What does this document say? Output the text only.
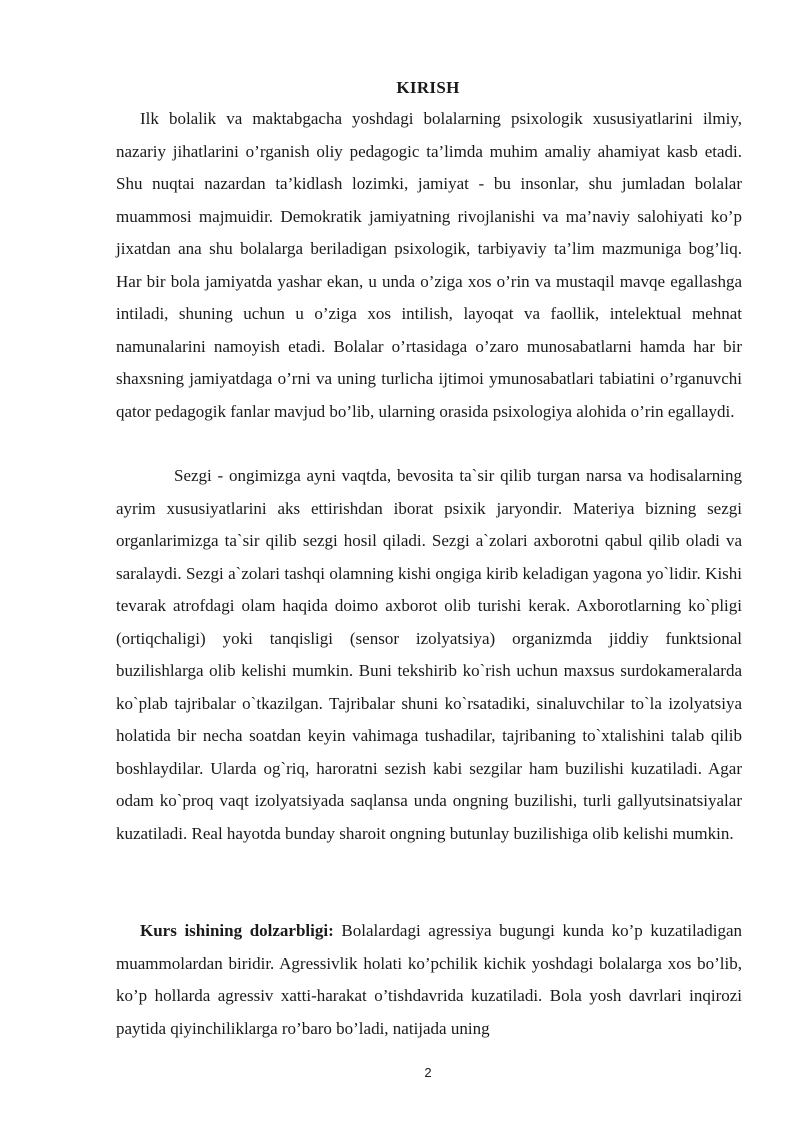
KIRISH

Ilk bolalik va maktabgacha yoshdagi bolalarning psixologik xususiyatlarini ilmiy, nazariy jihatlarini o’rganish oliy pedagogic ta’limda muhim amaliy ahamiyat kasb etadi. Shu nuqtai nazardan ta’kidlash lozimki, jamiyat - bu insonlar, shu jumladan bolalar muammosi majmuidir. Demokratik jamiyatning rivojlanishi va ma’naviy salohiyati ko’p jixatdan ana shu bolalarga beriladigan psixologik, tarbiyaviy ta’lim mazmuniga bog’liq. Har bir bola jamiyatda yashar ekan, u unda o’ziga xos o’rin va mustaqil mavqe egallashga intiladi, shuning uchun u o’ziga xos intilish, layoqat va faollik, intelektual mehnat namunalarini namoyish etadi. Bolalar o’rtasidaga o’zaro munosabatlarni hamda har bir shaxsning jamiyatdaga o’rni va uning turlicha ijtimoi ymunosabatlari tabiatini o’rganuvchi qator pedagogik fanlar mavjud bo’lib, ularning orasida psixologiya alohida o’rin egallaydi.

Sezgi - ongimizga ayni vaqtda, bevosita ta`sir qilib turgan narsa va hodisalarning ayrim xususiyatlarini aks ettirishdan iborat psixik jaryondir. Materiya bizning sezgi organlarimizga ta`sir qilib sezgi hosil qiladi. Sezgi a`zolari axborotni qabul qilib oladi va saralaydi. Sezgi a`zolari tashqi olamning kishi ongiga kirib keladigan yagona yo`lidir. Kishi tevarak atrofdagi olam haqida doimo axborot olib turishi kerak. Axborotlarning ko`pligi (ortiqchaligi) yoki tanqisligi (sensor izolyatsiya) organizmda jiddiy funktsional buzilishlarga olib kelishi mumkin. Buni tekshirib ko`rish uchun maxsus surdokameralarda ko`plab tajribalar o`tkazilgan. Tajribalar shuni ko`rsatadiki, sinaluvchilar to`la izolyatsiya holatida bir necha soatdan keyin vahimaga tushadilar, tajribaning to`xtalishini talab qilib boshlaydilar. Ularda og`riq, haroratni sezish kabi sezgilar ham buzilishi kuzatiladi. Agar odam ko`proq vaqt izolyatsiyada saqlansa unda ongning buzilishi, turli gallyutsinatsiyalar kuzatiladi. Real hayotda bunday sharoit ongning butunlay buzilishiga olib kelishi mumkin.

Kurs ishining dolzarbligi: Bolalardagi agressiya bugungi kunda ko’p kuzatiladigan muammolardan biridir. Agressivlik holati ko’pchilik kichik yoshdagi bolalarga xos bo’lib, ko’p hollarda agressiv xatti-harakat o’tishdavrida kuzatiladi. Bola yosh davrlari inqirozi paytida qiyinchiliklarga ro’baro bo’ladi, natijada uning

2
